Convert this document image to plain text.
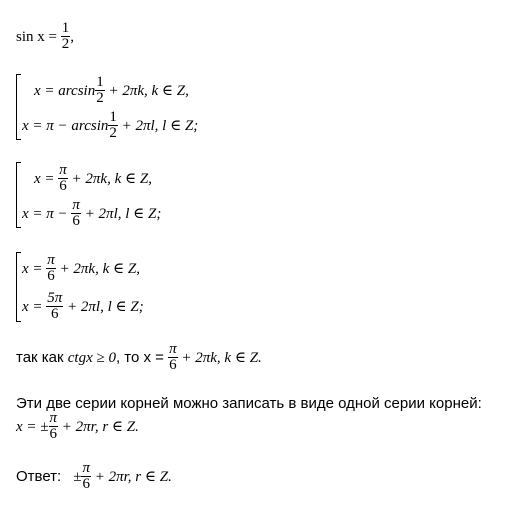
$\sin x = \frac{1}{2}$ ,
$x = \arcsin \frac{1}{2} + 2\pi k$, k ∈ Z,
$x = \pi - \arcsin \frac{1}{2} + 2\pi l$, l ∈ Z;
$x = \frac{\pi}{6} + 2\pi k$, k ∈ Z,
$x = \pi - \frac{\pi}{6} + 2\pi l$, l ∈ Z;
$x = \frac{\pi}{6} + 2\pi k$, k ∈ Z,
$x = \frac{5\pi}{6} + 2\pi l$, l ∈ Z;
так как ctgx ≥ 0, то $x = \frac{\pi}{6} + 2\pi k$, k ∈ Z.
Эти две серии корней можно записать в виде одной серии корней:
x = ± $\frac{\pi}{6} + 2\pi r$, r ∈ Z.
Ответ: ± $\frac{\pi}{6} + 2\pi r$, r ∈ Z.
